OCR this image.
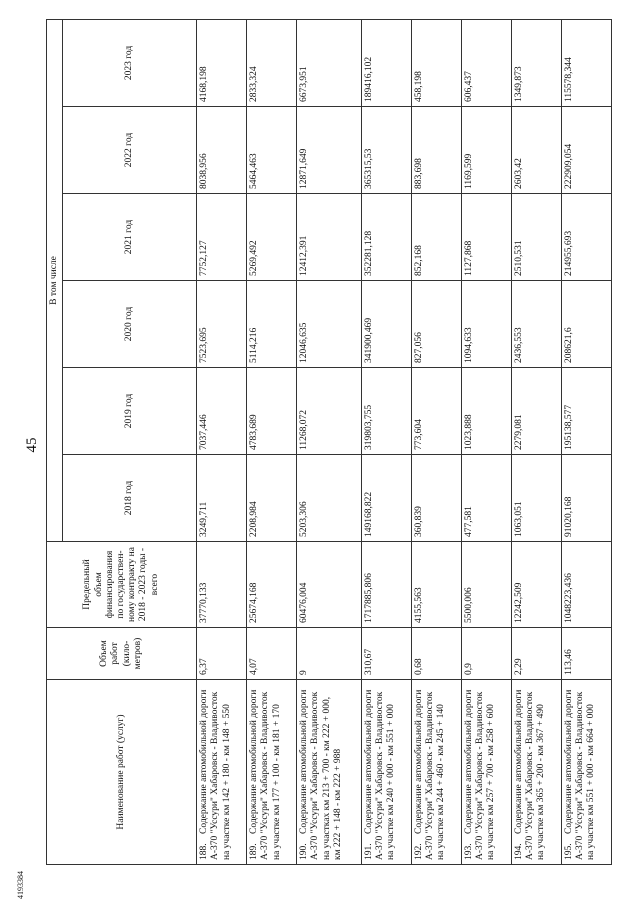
4193384
45
Наименование работ (услуг)	Объем работ (кило-метров)	Предельный объем финансирования по государствен-ному контракту на 2018 - 2023 годы - всего	В том числе					
			2018 год	2019 год	2020 год	2021 год	2022 год	2023 год
188.Содержание автомобильной дороги А-370 "Уссури" Хабаровск - Владивосток на участке км 142 + 180 - км 148 + 550	6,37	37770,133	3249,711	7037,446	7523,695	7752,127	8038,956	4168,198
189.Содержание автомобильной дороги А-370 "Уссури" Хабаровск - Владивосток на участке км 177 + 100 - км 181 + 170	4,07	25674,168	2208,984	4783,689	5114,216	5269,492	5464,463	2833,324
190.Содержание автомобильной дороги А-370 "Уссури" Хабаровск - Владивосток на участках км 213 + 700 - км 222 + 000, км 222 + 148 - км 222 + 988	9	60476,004	5203,306	11268,072	12046,635	12412,391	12871,649	6673,951
191.Содержание автомобильной дороги А-370 "Уссури" Хабаровск - Владивосток на участке км 240 + 000 - км 551 + 000	310,67	1717885,806	149168,822	319803,755	341900,469	352281,128	365315,53	189416,102
192.Содержание автомобильной дороги А-370 "Уссури" Хабаровск - Владивосток на участке км 244 + 460 - км 245 + 140	0,68	4155,563	360,839	773,604	827,056	852,168	883,698	458,198
193.Содержание автомобильной дороги А-370 "Уссури" Хабаровск - Владивосток на участке км 257 + 700 - км 258 + 600	0,9	5500,006	477,581	1023,888	1094,633	1127,868	1169,599	606,437
194.Содержание автомобильной дороги А-370 "Уссури" Хабаровск - Владивосток на участке км 365 + 200 - км 367 + 490	2,29	12242,509	1063,051	2279,081	2436,553	2510,531	2603,42	1349,873
195.Содержание автомобильной дороги А-370 "Уссури" Хабаровск - Владивосток на участке км 551 + 000 - км 664 + 000	113,46	1048223,436	91020,168	195138,577	208621,6	214955,693	222909,054	115578,344
